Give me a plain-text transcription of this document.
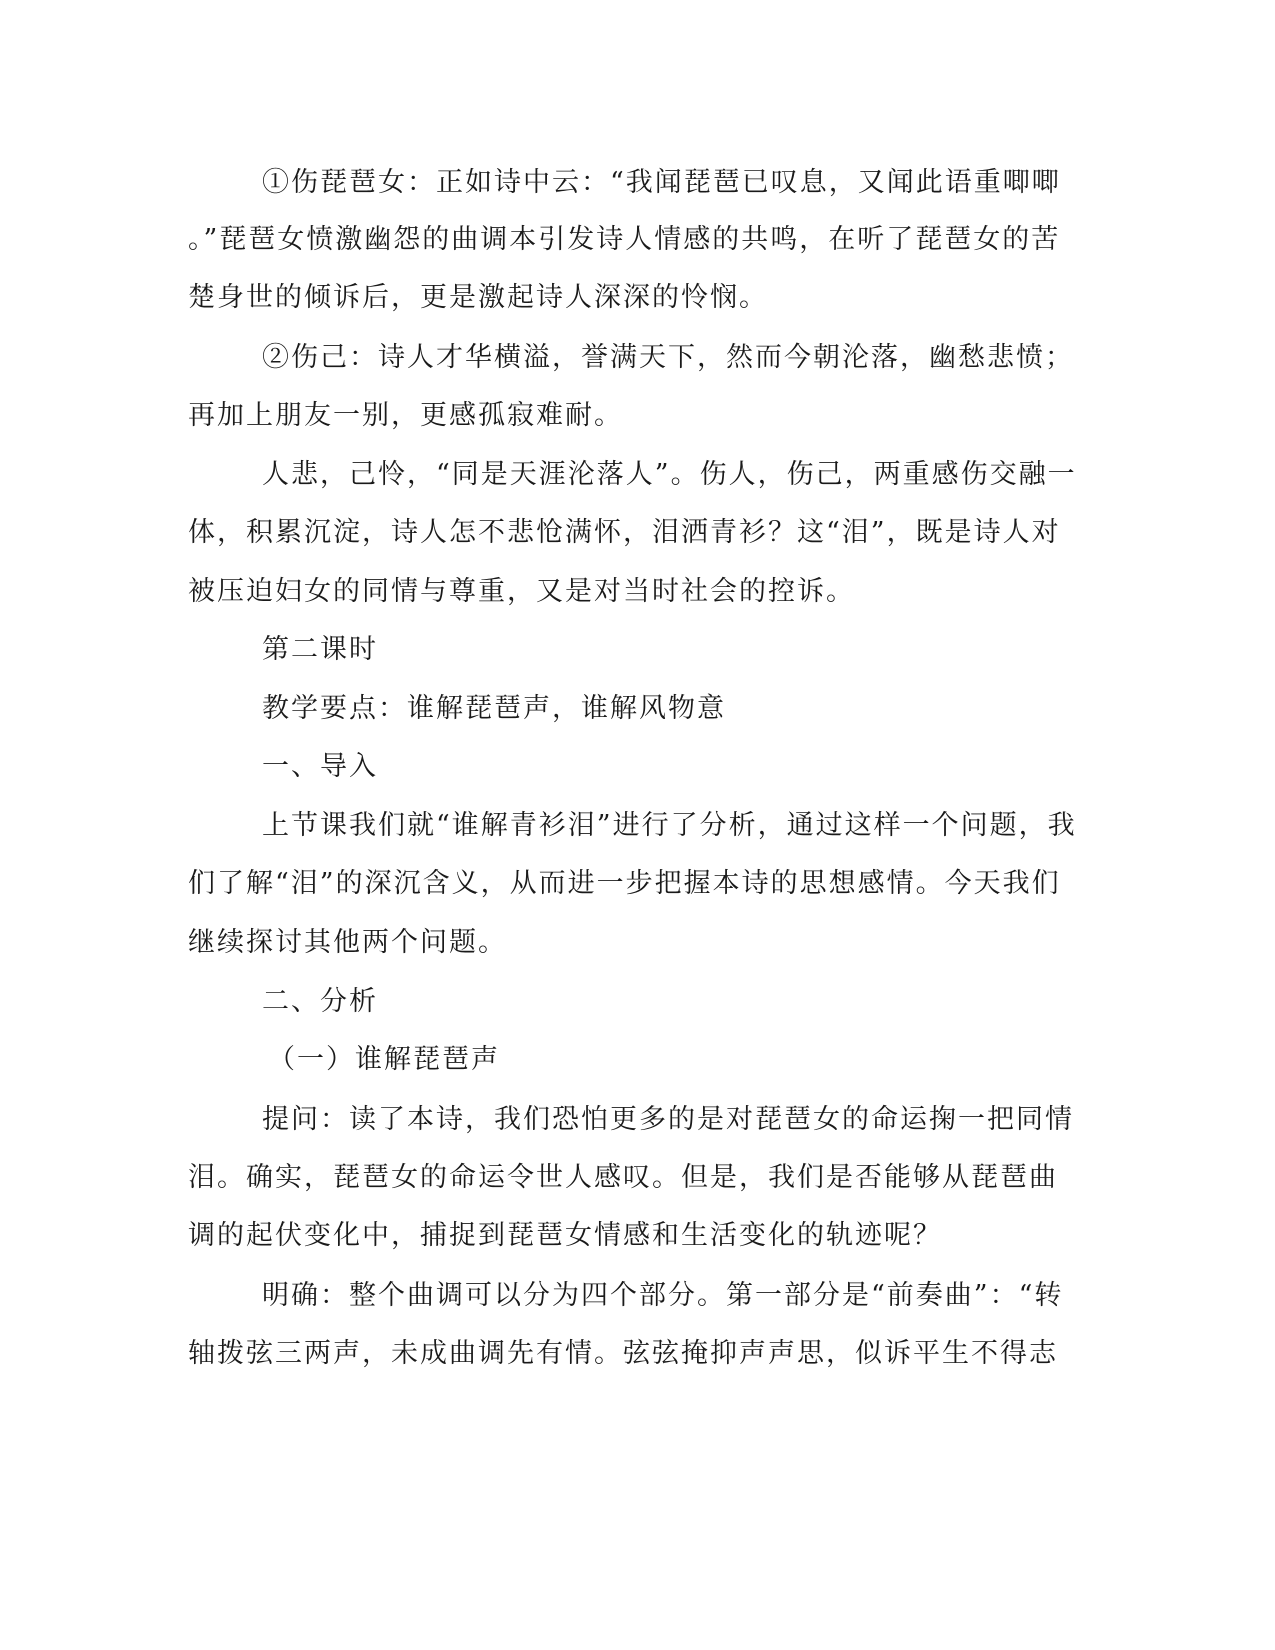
①伤琵琶女：正如诗中云：“我闻琵琶已叹息，又闻此语重唧唧
。”琵琶女愤激幽怨的曲调本引发诗人情感的共鸣，在听了琵琶女的苦
楚身世的倾诉后，更是激起诗人深深的怜悯。
②伤己：诗人才华横溢，誉满天下，然而今朝沦落，幽愁悲愤；
再加上朋友一别，更感孤寂难耐。
人悲，己怜，“同是天涯沦落人”。伤人，伤己，两重感伤交融一
体，积累沉淀，诗人怎不悲怆满怀，泪洒青衫？这“泪”，既是诗人对
被压迫妇女的同情与尊重，又是对当时社会的控诉。
第二课时
教学要点：谁解琵琶声，谁解风物意
一、导入
上节课我们就“谁解青衫泪”进行了分析，通过这样一个问题，我
们了解“泪”的深沉含义，从而进一步把握本诗的思想感情。今天我们
继续探讨其他两个问题。
二、分析
（一）谁解琵琶声
提问：读了本诗，我们恐怕更多的是对琵琶女的命运掬一把同情
泪。确实，琵琶女的命运令世人感叹。但是，我们是否能够从琵琶曲
调的起伏变化中，捕捉到琵琶女情感和生活变化的轨迹呢？
明确：整个曲调可以分为四个部分。第一部分是“前奏曲”：“转
轴拨弦三两声，未成曲调先有情。弦弦掩抑声声思，似诉平生不得志
